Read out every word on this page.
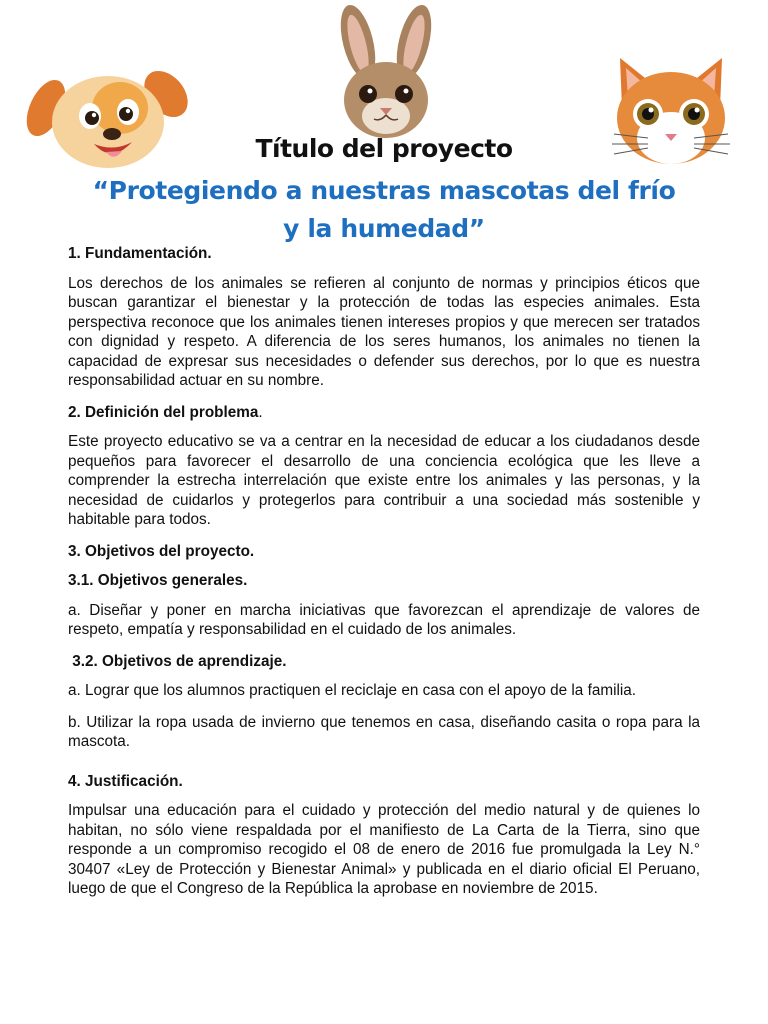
Título del proyecto
“Protegiendo a nuestras mascotas del frío y la humedad”
1. Fundamentación.

Los derechos de los animales se refieren al conjunto de normas y principios éticos que buscan garantizar el bienestar y la protección de todas las especies animales. Esta perspectiva reconoce que los animales tienen intereses propios y que merecen ser tratados con dignidad y respeto. A diferencia de los seres humanos, los animales no tienen la capacidad de expresar sus necesidades o defender sus derechos, por lo que es nuestra responsabilidad actuar en su nombre.

2. Definición del problema.

Este proyecto educativo se va a centrar en la necesidad de educar a los ciudadanos desde pequeños para favorecer el desarrollo de una conciencia ecológica que les lleve a comprender la estrecha interrelación que existe entre los animales y las personas, y la necesidad de cuidarlos y protegerlos para contribuir a una sociedad más sostenible y habitable para todos.

3. Objetivos del proyecto.
3.1. Objetivos generales.

a. Diseñar y poner en marcha iniciativas que favorezcan el aprendizaje de valores de respeto, empatía y responsabilidad en el cuidado de los animales.

3.2. Objetivos de aprendizaje.

a. Lograr que los alumnos practiquen el reciclaje en casa con el apoyo de la familia.

b. Utilizar la ropa usada de invierno que tenemos en casa, diseñando casita o ropa para la mascota.

4. Justificación.

Impulsar una educación para el cuidado y protección del medio natural y de quienes lo habitan, no sólo viene respaldada por el manifiesto de La Carta de la Tierra, sino que responde a un compromiso recogido el 08 de enero de 2016 fue promulgada la Ley N.° 30407 «Ley de Protección y Bienestar Animal» y publicada en el diario oficial El Peruano, luego de que el Congreso de la República la aprobase en noviembre de 2015.
